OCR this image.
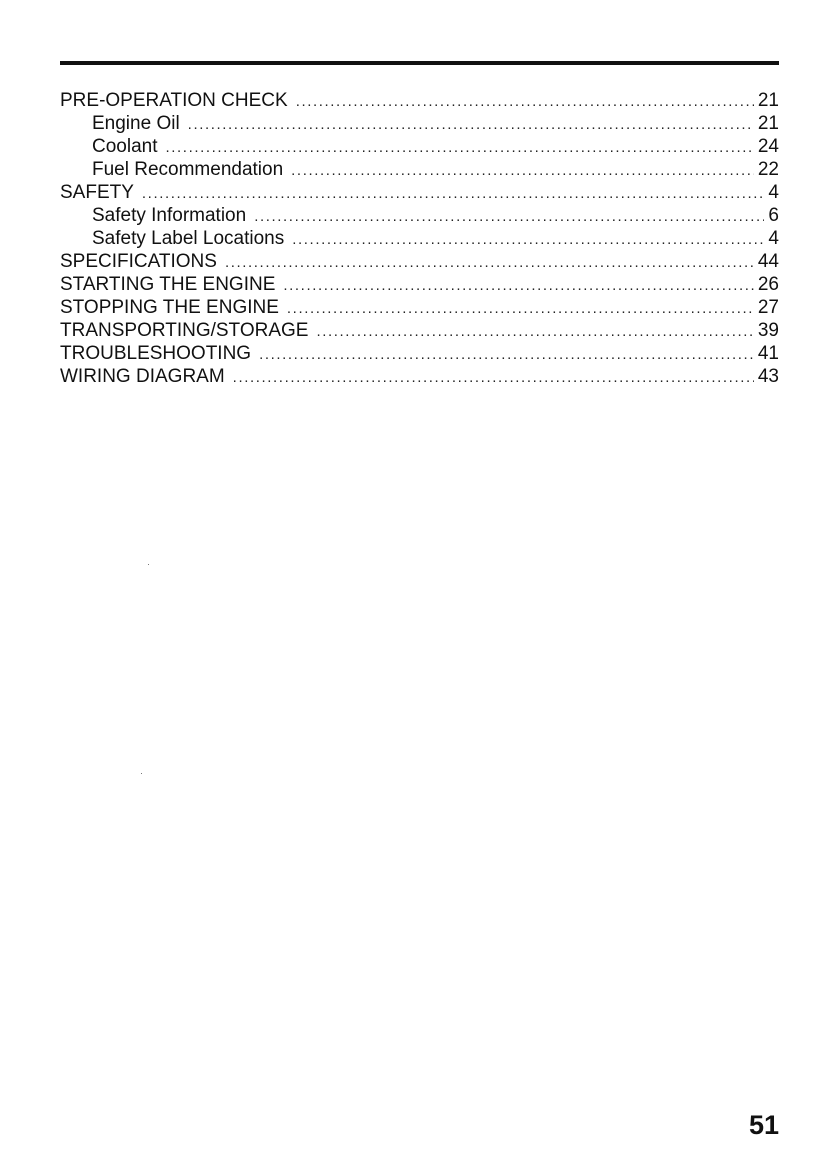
PRE-OPERATION CHECK .....	21
Engine Oil .....	21
Coolant .....	24
Fuel Recommendation .....	22
SAFETY .....	4
Safety Information .....	6
Safety Label Locations .....	4
SPECIFICATIONS .....	44
STARTING THE ENGINE .....	26
STOPPING THE ENGINE .....	27
TRANSPORTING/STORAGE .....	39
TROUBLESHOOTING .....	41
WIRING DIAGRAM .....	43
51
